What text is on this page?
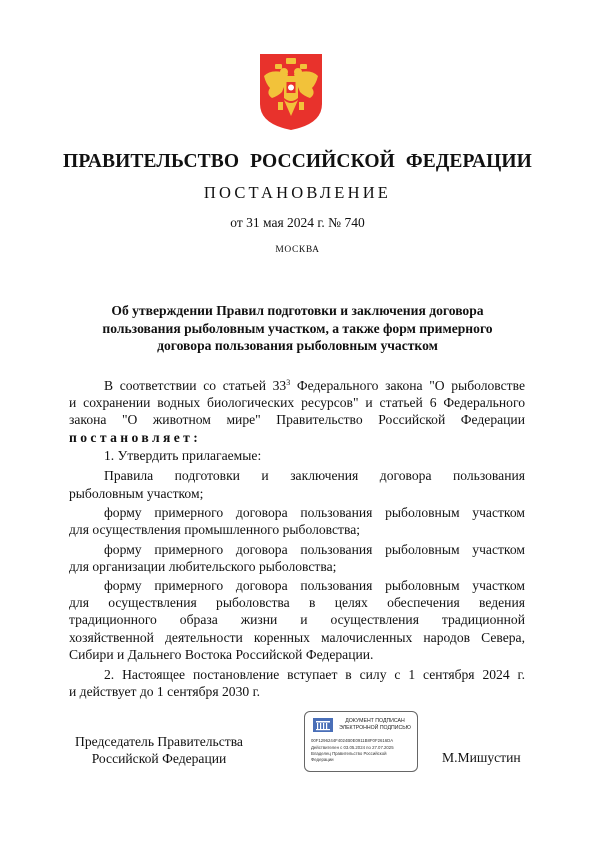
ПРАВИТЕЛЬСТВО РОССИЙСКОЙ ФЕДЕРАЦИИ
ПОСТАНОВЛЕНИЕ
от 31 мая 2024 г. № 740
МОСКВА
Об утверждении Правил подготовки и заключения договора
пользования рыболовным участком, а также форм примерного
договора пользования рыболовным участком
В соответствии со статьей $33^3$ Федерального закона "О рыболовстве
и сохранении водных биологических ресурсов" и статьей 6 Федерального
закона "О животном мире" Правительство Российской Федерации
постановляет:
1. Утвердить прилагаемые:
Правила подготовки и заключения договора пользования
рыболовным участком;
форму примерного договора пользования рыболовным участком
для осуществления промышленного рыболовства;
форму примерного договора пользования рыболовным участком
для организации любительского рыболовства;
форму примерного договора пользования рыболовным участком
для осуществления рыболовства в целях обеспечения ведения
традиционного образа жизни и осуществления традиционной
хозяйственной деятельности коренных малочисленных народов Севера,
Сибири и Дальнего Востока Российской Федерации.
2. Настоящее постановление вступает в силу с 1 сентября 2024 г.
и действует до 1 сентября 2030 г.
Председатель Правительства
Российской Федерации
ДОКУМЕНТ ПОДПИСАН
ЭЛЕКТРОННОЙ ПОДПИСЬЮ
00F1296244F4024B0E0911B8F0F2616DA
Действителен с 03.05.2024 по 27.07.2025
Владелец Правительство Российской
Федерации	М.Мишустин
